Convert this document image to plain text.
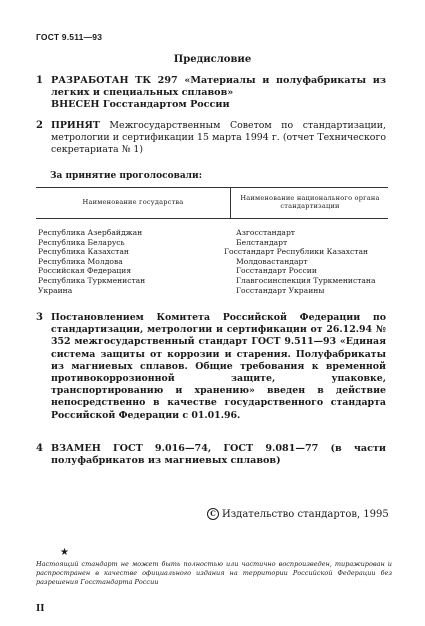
ГОСТ 9.511—93
Предисловие
1 РАЗРАБОТАН ТК 297 «Материалы и полуфабрикаты из легких и специальных сплавов»
ВНЕСЕН Госстандартом России
2 ПРИНЯТ Межгосударственным Советом по стандартизации, метрологии и сертификации 15 марта 1994 г. (отчет Технического секретариата № 1)
За принятие проголосовали:
Наименование государства	Наименование национального органа стандартизации
Республика Азербайджан	Азгосстандарт
Республика Беларусь	Белстандарт
Республика Казахстан	Госстандарт Республики Казахстан
Республика Молдова	Молдовастандарт
Российская Федерация	Госстандарт России
Республика Туркменистан	Главгосинспекция Туркменистана
Украина	Госстандарт Украины
3 Постановлением Комитета Российской Федерации по стандартизации, метрологии и сертификации от 26.12.94 № 352 межгосударственный стандарт ГОСТ 9.511—93 «Единая система защиты от коррозии и старения. Полуфабрикаты из магниевых сплавов. Общие требования к временной противокоррозионной защите, упаковке, транспортированию и хранению» введен в действие непосредственно в качестве государственного стандарта Российской Федерации с 01.01.96.
4 ВЗАМЕН ГОСТ 9.016—74, ГОСТ 9.081—77 (в части полуфабрикатов из магниевых сплавов)
C Издательство стандартов, 1995
★
Настоящий стандарт не может быть полностью или частично воспроизведен, тиражирован и распространен в качестве официального издания на территории Российской Федерации без разрешения Госстандарта России
II
